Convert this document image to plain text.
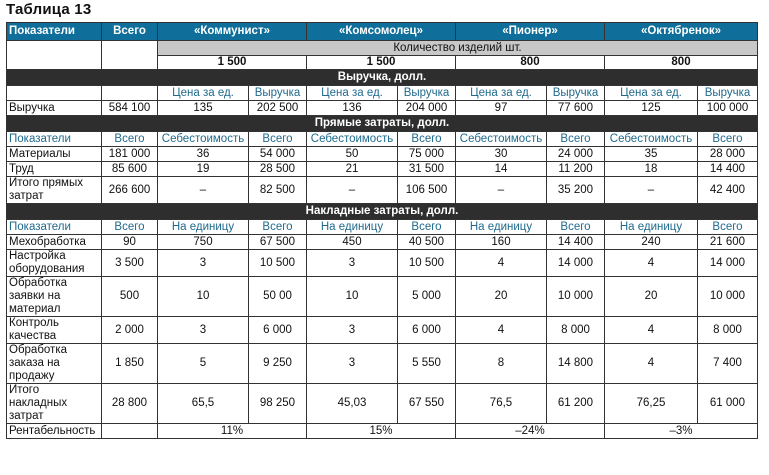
Таблица 13
Показатели	Всего	«Коммунист»		«Комсомолец»		«Пионер»		«Октябренок»	
		Количество изделий шт.							
		1 500		1 500		800		800	
Выручка, долл.									
		Цена за ед.	Выручка	Цена за ед.	Выручка	Цена за ед.	Выручка	Цена за ед.	Выручка
Выручка	584 100	135	202 500	136	204 000	97	77 600	125	100 000
Прямые затраты, долл.									
Показатели	Всего	Себестоимость	Всего	Себестоимость	Всего	Себестоимость	Всего	Себестоимость	Всего
Материалы	181 000	36	54 000	50	75 000	30	24 000	35	28 000
Труд	85 600	19	28 500	21	31 500	14	11 200	18	14 400
Итого прямых затрат	266 600	–	82 500	–	106 500	–	35 200	–	42 400
Накладные затраты, долл.									
Показатели	Всего	На единицу	Всего	На единицу	Всего	На единицу	Всего	На единицу	Всего
Мехобработка	90	750	67 500	450	40 500	160	14 400	240	21 600
Настройка оборудования	3 500	3	10 500	3	10 500	4	14 000	4	14 000
Обработка заявки на материал	500	10	50 00	10	5 000	20	10 000	20	10 000
Контроль качества	2 000	3	6 000	3	6 000	4	8 000	4	8 000
Обработка заказа на продажу	1 850	5	9 250	3	5 550	8	14 800	4	7 400
Итого накладных затрат	28 800	65,5	98 250	45,03	67 550	76,5	61 200	76,25	61 000
Рентабельность		11%		15%		–24%		–3%	
